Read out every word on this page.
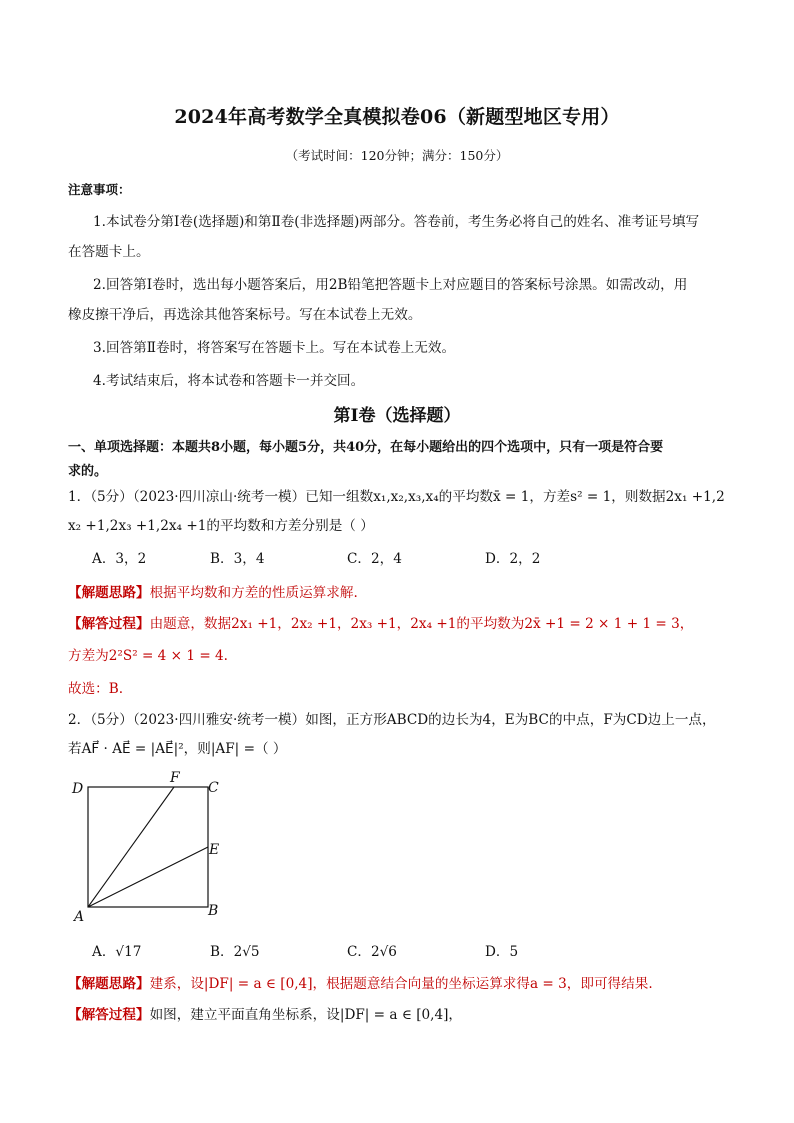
2024年高考数学全真模拟卷06（新题型地区专用）
（考试时间：120分钟；满分：150分）
注意事项：
1.本试卷分第Ⅰ卷(选择题)和第Ⅱ卷(非选择题)两部分。答卷前，考生务必将自己的姓名、准考证号填写
在答题卡上。
2.回答第Ⅰ卷时，选出每小题答案后，用2B铅笔把答题卡上对应题目的答案标号涂黑。如需改动，用
橡皮擦干净后，再选涂其他答案标号。写在本试卷上无效。
3.回答第Ⅱ卷时，将答案写在答题卡上。写在本试卷上无效。
4.考试结束后，将本试卷和答题卡一并交回。
第Ⅰ卷（选择题）
一、单项选择题：本题共8小题，每小题5分，共40分，在每小题给出的四个选项中，只有一项是符合要
求的。
1．（5分）（2023·四川凉山·统考一模）已知一组数x₁,x₂,x₃,x₄的平均数x̄ = 1，方差s² = 1，则数据2x₁ +1,2
x₂ +1,2x₃ +1,2x₄ +1的平均数和方差分别是（ ）
A．3，2	B．3，4	C．2，4	D．2，2
【解题思路】根据平均数和方差的性质运算求解.
【解答过程】由题意，数据2x₁ +1，2x₂ +1，2x₃ +1，2x₄ +1的平均数为2x̄ +1 = 2 × 1 + 1 = 3，
方差为2²S² = 4 × 1 = 4.
故选：B.
2．（5分）（2023·四川雅安·统考一模）如图，正方形ABCD的边长为4，E为BC的中点，F为CD边上一点，
若AF⃗ · AE⃗ = |AE⃗|²，则|AF| =（ ）
D
F
C
E
A	B
A．√17	B．2√5	C．2√6	D．5
【解题思路】建系，设|DF| = a ∈ [0,4]，根据题意结合向量的坐标运算求得a = 3，即可得结果.
【解答过程】如图，建立平面直角坐标系，设|DF| = a ∈ [0,4]，
